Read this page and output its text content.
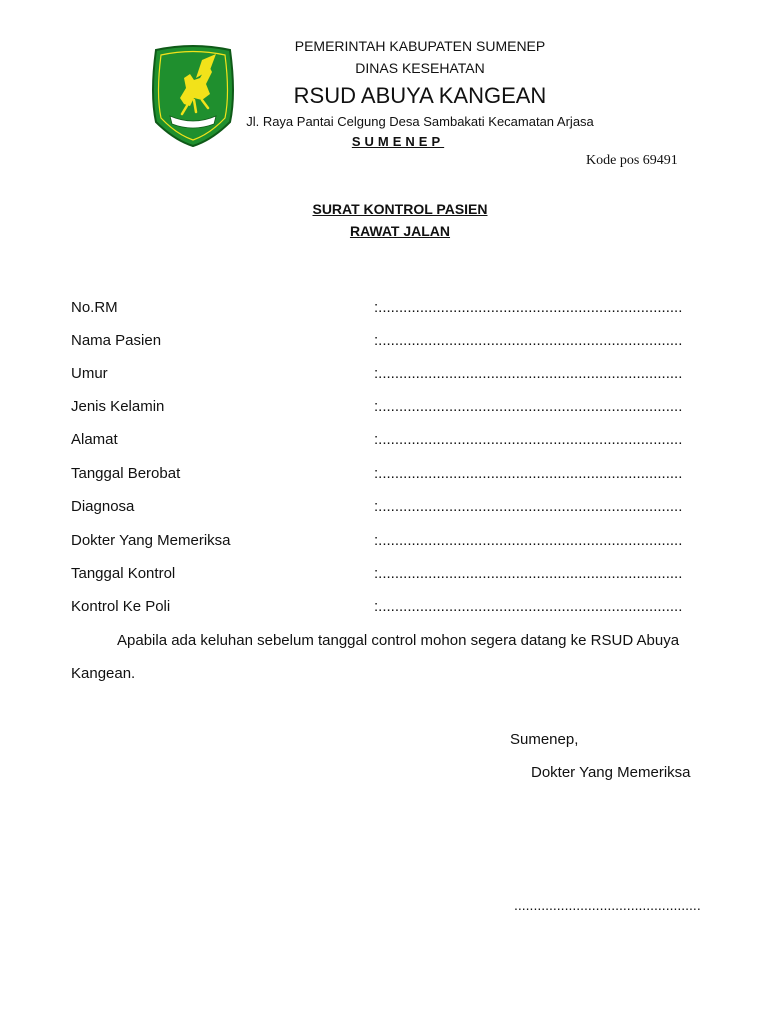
PEMERINTAH KABUPATEN SUMENEP
DINAS KESEHATAN
RSUD ABUYA KANGEAN
Jl. Raya Pantai Celgung Desa Sambakati Kecamatan Arjasa
SUMENEP
Kode pos 69491
SURAT KONTROL PASIEN
RAWAT JALAN
No.RM	:.........................................................................
Nama Pasien	:.........................................................................
Umur	:.........................................................................
Jenis Kelamin	:.........................................................................
Alamat	:.........................................................................
Tanggal Berobat	:.........................................................................
Diagnosa	:.........................................................................
Dokter Yang Memeriksa	:.........................................................................
Tanggal Kontrol	:.........................................................................
Kontrol Ke Poli	:.........................................................................
Apabila ada keluhan sebelum tanggal control mohon segera datang ke RSUD Abuya
Kangean.
Sumenep,
Dokter Yang Memeriksa
................................................
